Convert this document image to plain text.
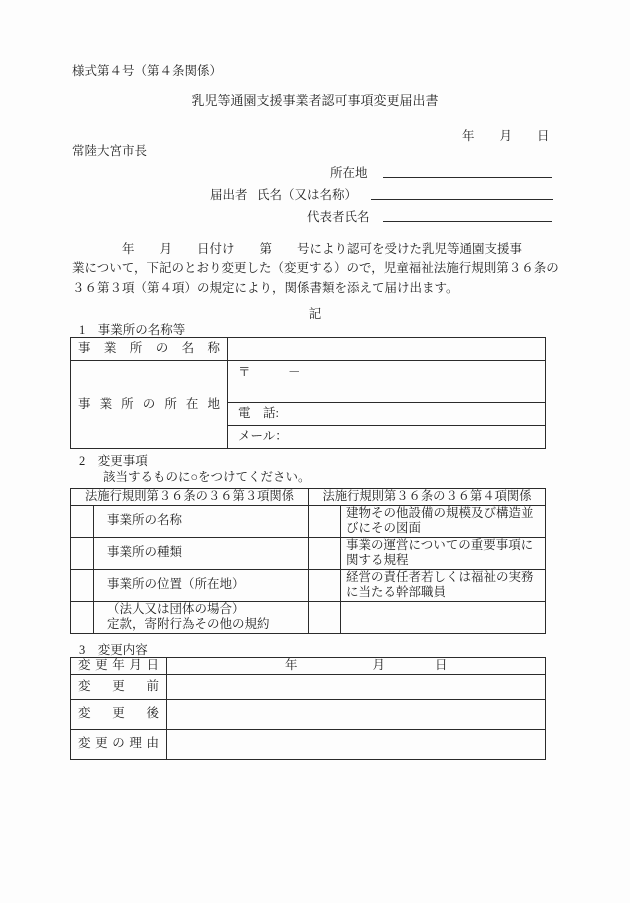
様式第４号（第４条関係）
乳児等通園支援事業者認可事項変更届出書
年　　月　　日
常陸大宮市長
所在地
届出者 氏名（又は名称）
代表者氏名
　　　　年　　月　　日付け　　第　　号により認可を受けた乳児等通園支援事
業について，下記のとおり変更した（変更する）ので，児童福祉法施行規則第３６条の
３６第３項（第４項）の規定により，関係書類を添えて届け出ます。
記
1　事業所の名称等
事 業 所 の 名 称	
事 業 所 の 所 在 地	〒　　　－
	電　話:
	メール：
2　変更事項
該当するものに○をつけてください。
法施行規則第３６条の３６第３項関係		法施行規則第３６条の３６第４項関係	
	事業所の名称		建物その他設備の規模及び構造並びにその図面
	事業所の種類		事業の運営についての重要事項に関する規程
	事業所の位置（所在地）		経営の責任者若しくは福祉の実務に当たる幹部職員

	（法人又は団体の場合）
定款，寄附行為その他の規約		

3　変更内容
変 更 年 月 日	年　　　　　　月　　　　日
変 更 前	
変 更 後	
変 更 の 理 由	
